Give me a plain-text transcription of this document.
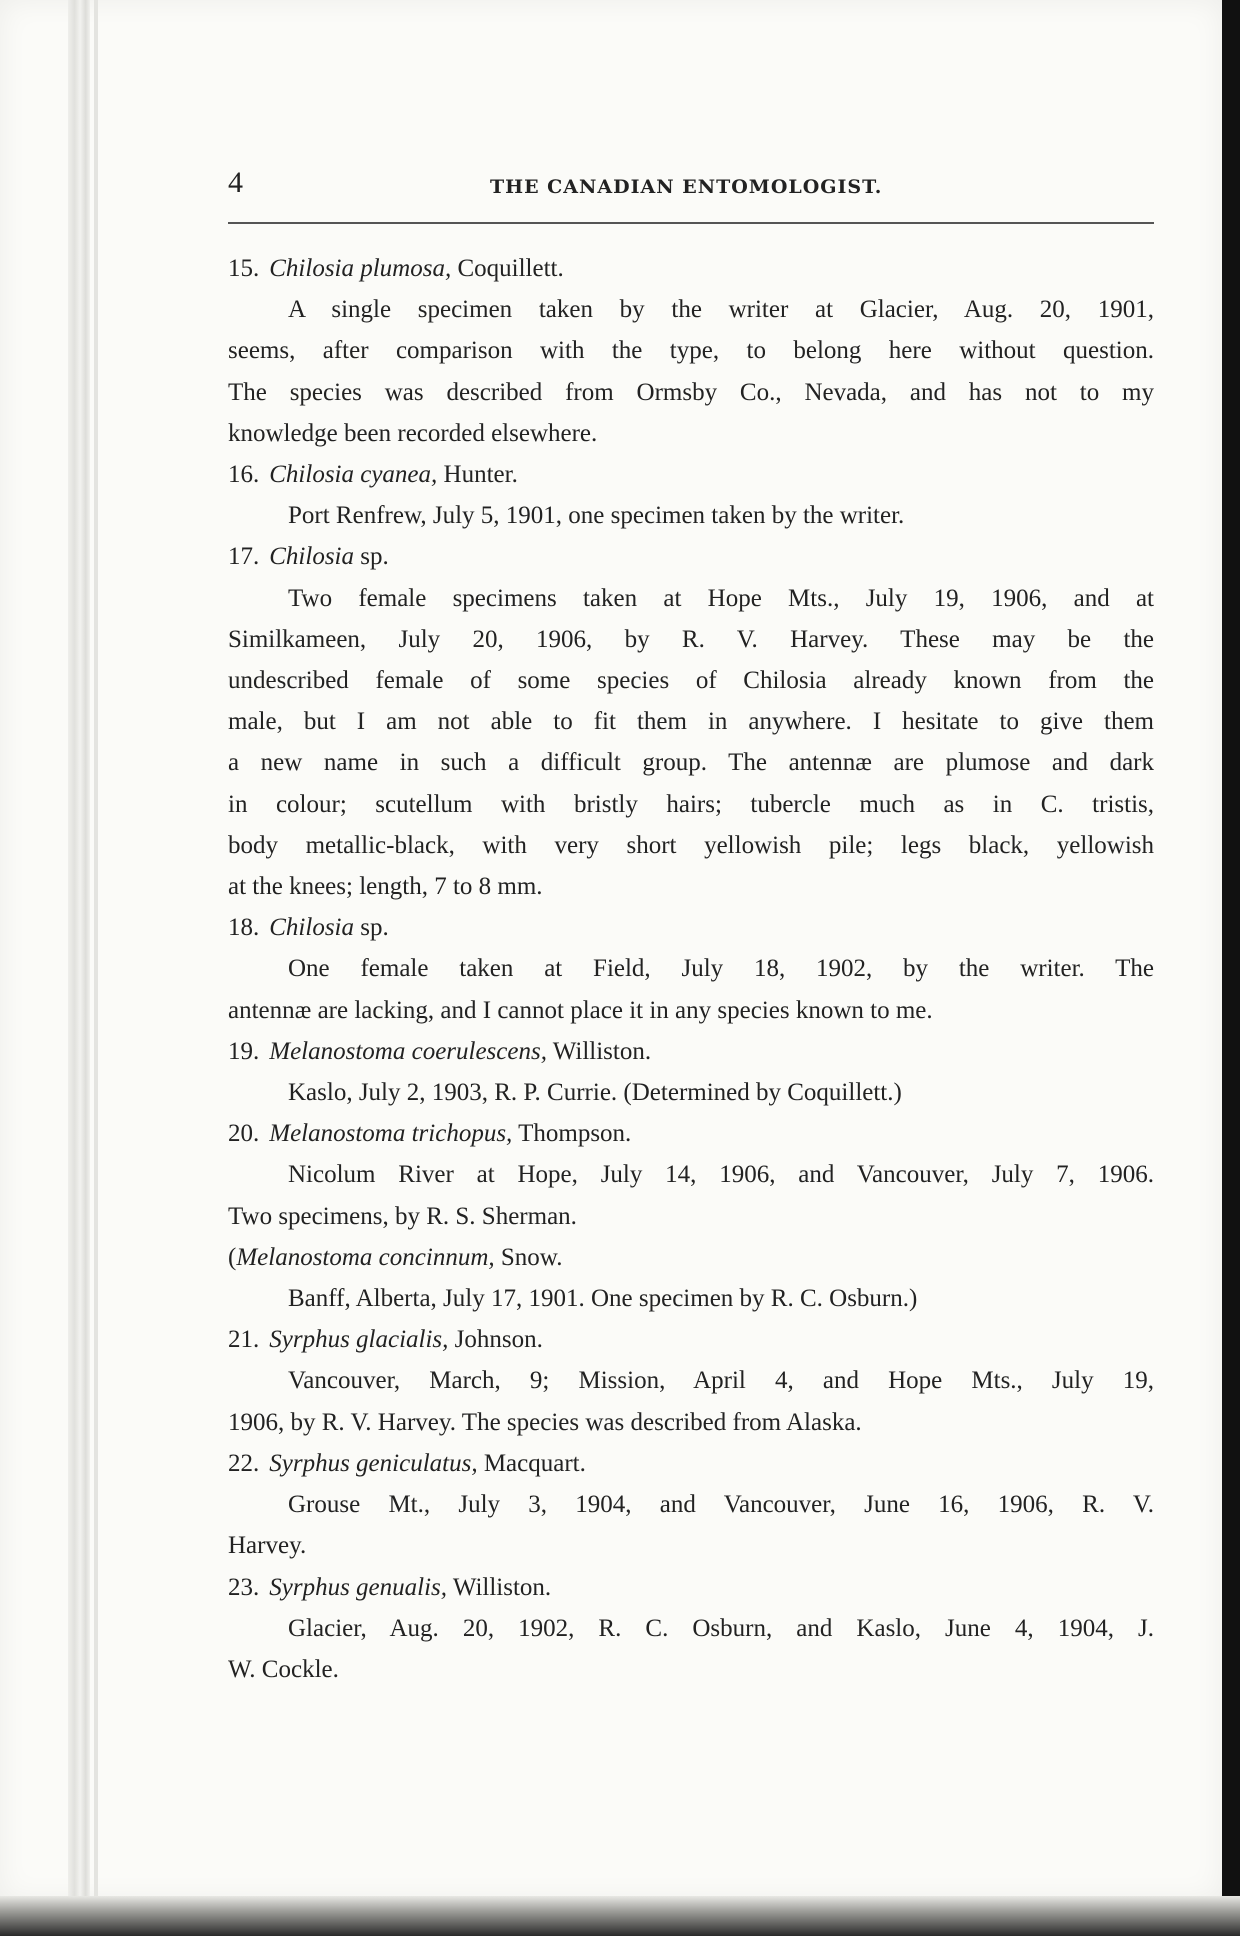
4	THE CANADIAN ENTOMOLOGIST.
15. Chilosia plumosa, Coquillett.
A single specimen taken by the writer at Glacier, Aug. 20, 1901,
seems, after comparison with the type, to belong here without question.
The species was described from Ormsby Co., Nevada, and has not to my
knowledge been recorded elsewhere.
16. Chilosia cyanea, Hunter.
Port Renfrew, July 5, 1901, one specimen taken by the writer.
17. Chilosia sp.
Two female specimens taken at Hope Mts., July 19, 1906, and at
Similkameen, July 20, 1906, by R. V. Harvey. These may be the
undescribed female of some species of Chilosia already known from the
male, but I am not able to fit them in anywhere. I hesitate to give them
a new name in such a difficult group. The antennæ are plumose and dark
in colour; scutellum with bristly hairs; tubercle much as in C. tristis,
body metallic-black, with very short yellowish pile; legs black, yellowish
at the knees; length, 7 to 8 mm.
18. Chilosia sp.
One female taken at Field, July 18, 1902, by the writer. The
antennæ are lacking, and I cannot place it in any species known to me.
19. Melanostoma coerulescens, Williston.
Kaslo, July 2, 1903, R. P. Currie. (Determined by Coquillett.)
20. Melanostoma trichopus, Thompson.
Nicolum River at Hope, July 14, 1906, and Vancouver, July 7, 1906.
Two specimens, by R. S. Sherman.
(Melanostoma concinnum, Snow.
Banff, Alberta, July 17, 1901. One specimen by R. C. Osburn.)
21. Syrphus glacialis, Johnson.
Vancouver, March, 9; Mission, April 4, and Hope Mts., July 19,
1906, by R. V. Harvey. The species was described from Alaska.
22. Syrphus geniculatus, Macquart.
Grouse Mt., July 3, 1904, and Vancouver, June 16, 1906, R. V.
Harvey.
23. Syrphus genualis, Williston.
Glacier, Aug. 20, 1902, R. C. Osburn, and Kaslo, June 4, 1904, J.
W. Cockle.
